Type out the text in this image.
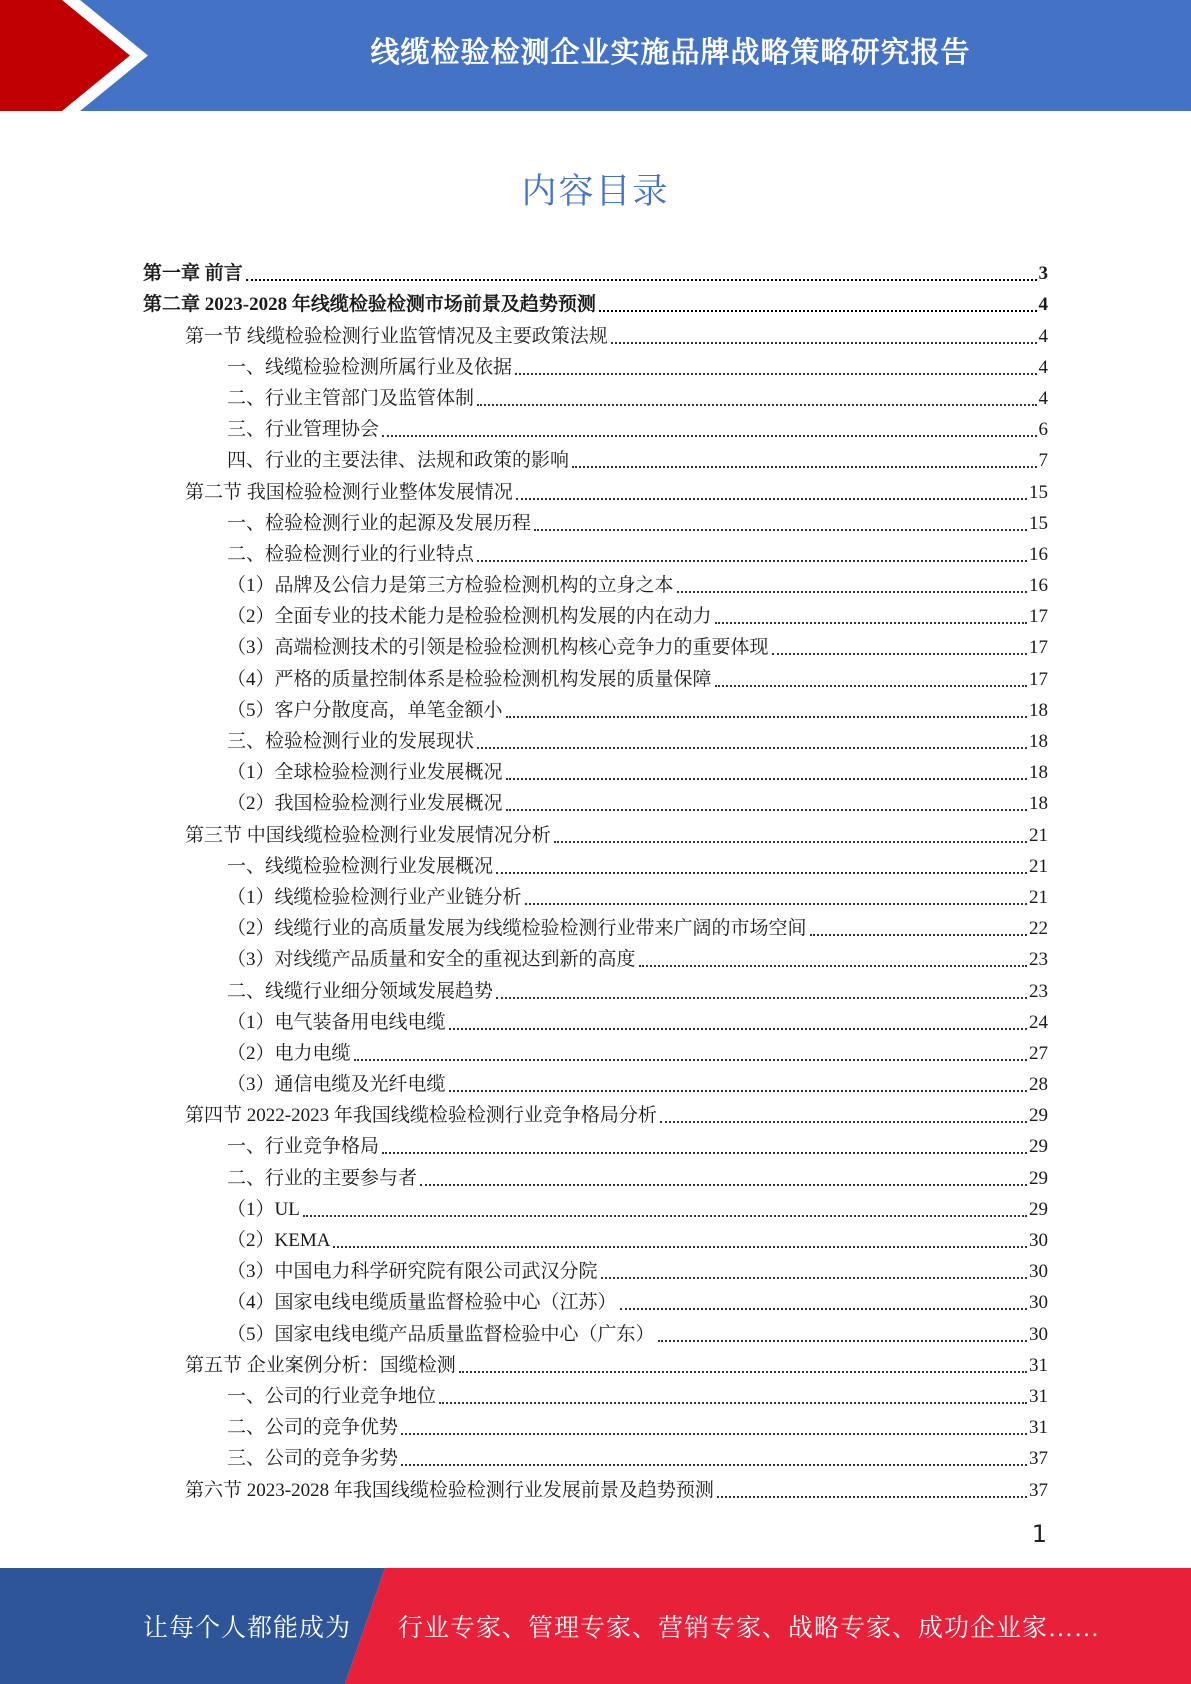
线缆检验检测企业实施品牌战略策略研究报告
内容目录
第一章 前言	3
第二章 2023-2028 年线缆检验检测市场前景及趋势预测	4
第一节 线缆检验检测行业监管情况及主要政策法规	4
一、线缆检验检测所属行业及依据	4
二、行业主管部门及监管体制	4
三、行业管理协会	6
四、行业的主要法律、法规和政策的影响	7
第二节 我国检验检测行业整体发展情况	15
一、检验检测行业的起源及发展历程	15
二、检验检测行业的行业特点	16
（1）品牌及公信力是第三方检验检测机构的立身之本	16
（2）全面专业的技术能力是检验检测机构发展的内在动力	17
（3）高端检测技术的引领是检验检测机构核心竞争力的重要体现	17
（4）严格的质量控制体系是检验检测机构发展的质量保障	17
（5）客户分散度高，单笔金额小	18
三、检验检测行业的发展现状	18
（1）全球检验检测行业发展概况	18
（2）我国检验检测行业发展概况	18
第三节 中国线缆检验检测行业发展情况分析	21
一、线缆检验检测行业发展概况	21
（1）线缆检验检测行业产业链分析	21
（2）线缆行业的高质量发展为线缆检验检测行业带来广阔的市场空间	22
（3）对线缆产品质量和安全的重视达到新的高度	23
二、线缆行业细分领域发展趋势	23
（1）电气装备用电线电缆	24
（2）电力电缆	27
（3）通信电缆及光纤电缆	28
第四节 2022-2023 年我国线缆检验检测行业竞争格局分析	29
一、行业竞争格局	29
二、行业的主要参与者	29
（1）UL	29
（2）KEMA	30
（3）中国电力科学研究院有限公司武汉分院	30
（4）国家电线电缆质量监督检验中心（江苏）	30
（5）国家电线电缆产品质量监督检验中心（广东）	30
第五节 企业案例分析：国缆检测	31
一、公司的行业竞争地位	31
二、公司的竞争优势	31
三、公司的竞争劣势	37
第六节 2023-2028 年我国线缆检验检测行业发展前景及趋势预测	37
1
让每个人都能成为 行业专家、管理专家、营销专家、战略专家、成功企业家……
